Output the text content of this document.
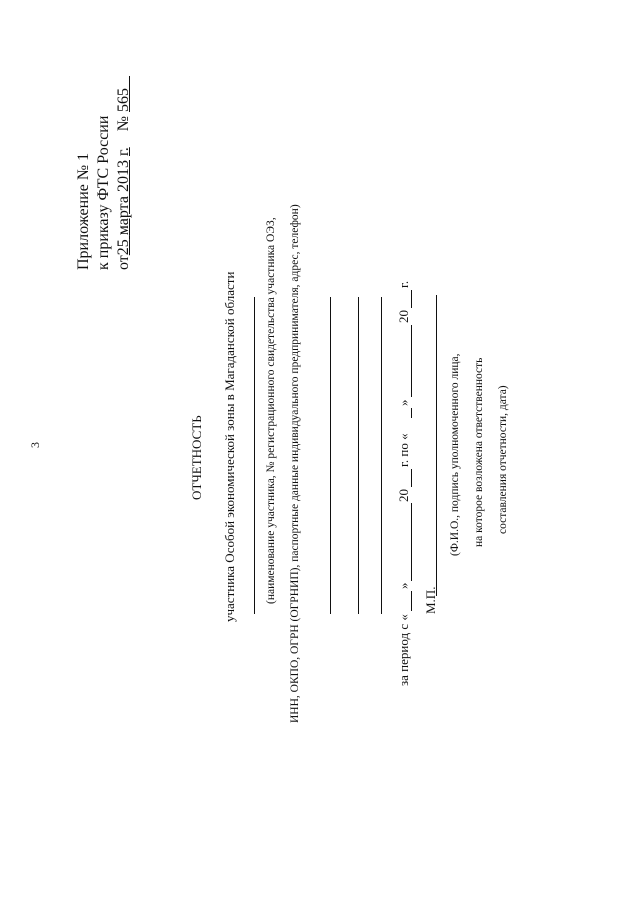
3
Приложение № 1 к приказу ФТС России от25 марта 2013 г.    № 565
ОТЧЕТНОСТЬ участника Особой экономической зоны в Магаданской области (наименование участника, № регистрационного свидетельства участника ОЭЗ, ИНН, ОКПО, ОГРН (ОГРНИП), паспортные данные индивидуального предпринимателя, адрес, телефон)	за период с «
»
20
г. по «
»
20
г.
М.П.
(Ф.И.О., подпись уполномоченного лица, на которое возложена ответственность составления отчетности, дата)
